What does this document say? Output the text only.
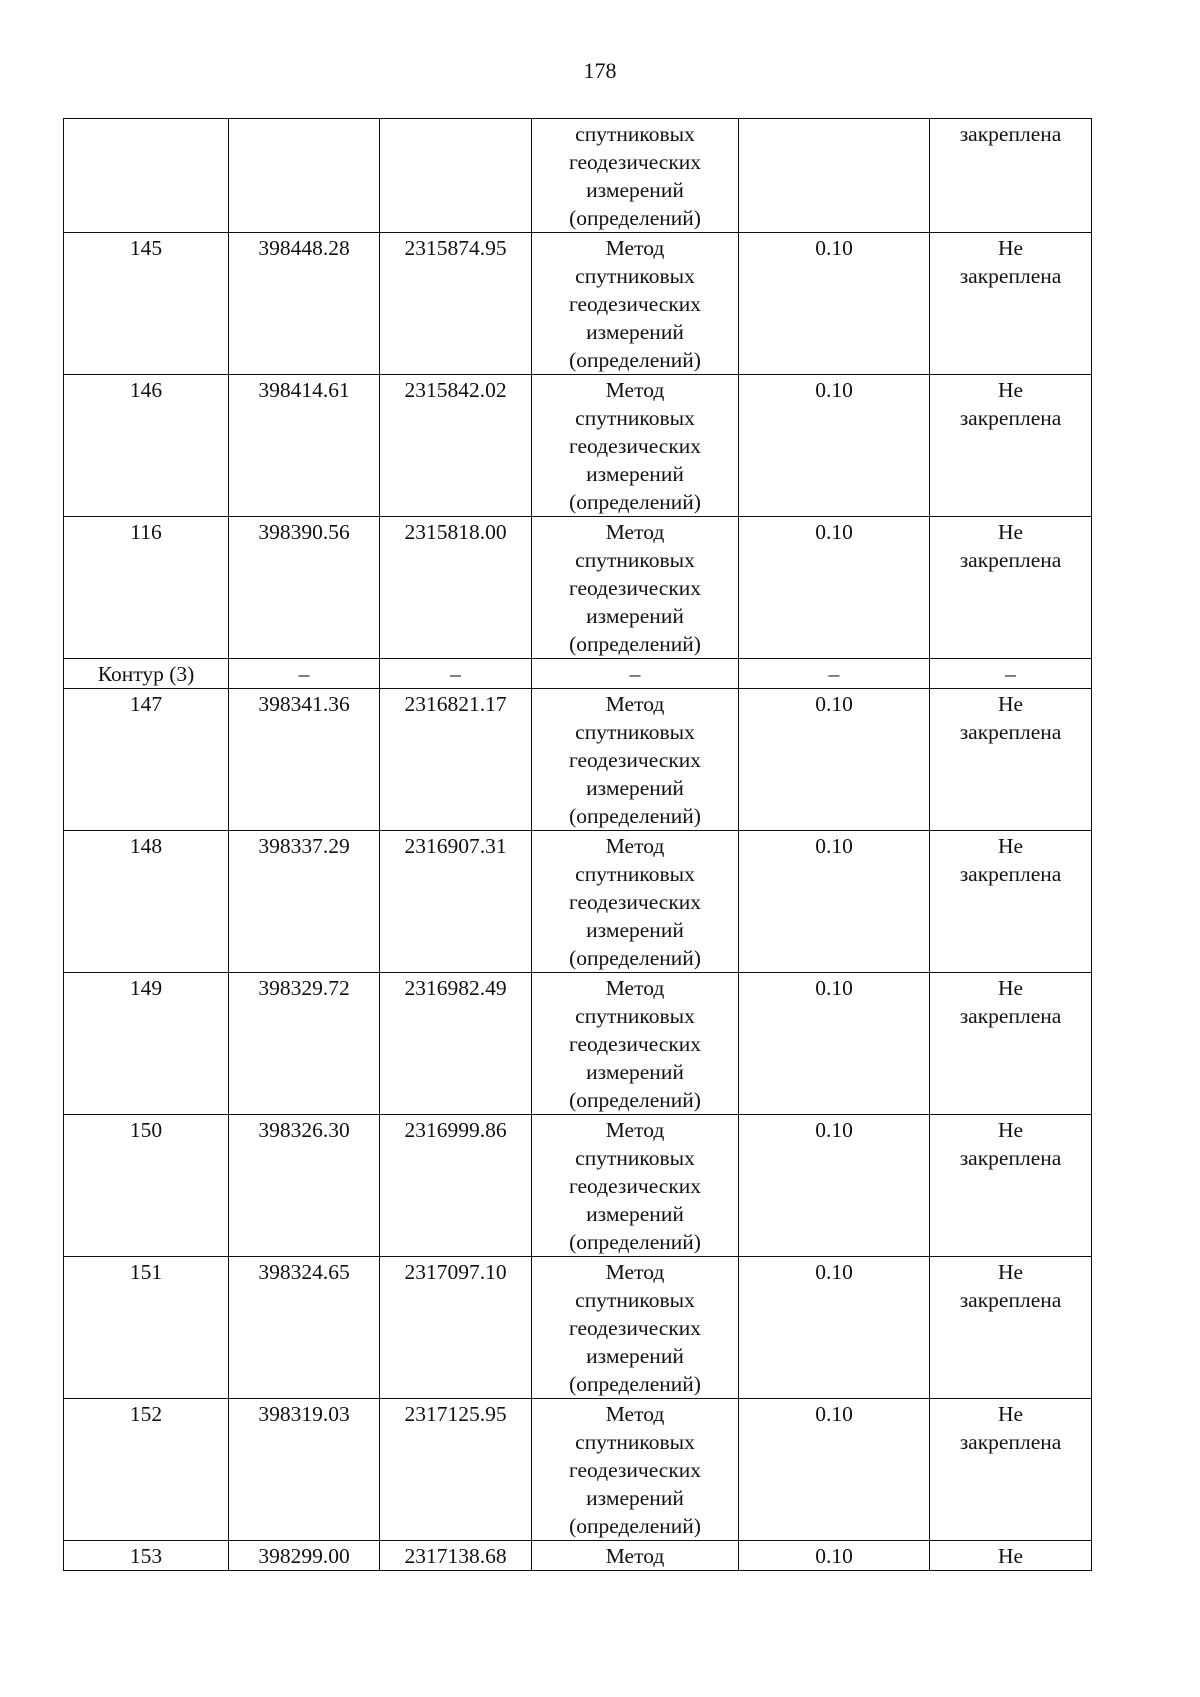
178
			спутниковых
геодезических
измерений
(определений)		закреплена
145	398448.28	2315874.95	Метод
спутниковых
геодезических
измерений
(определений)	0.10	Не
закреплена
146	398414.61	2315842.02	Метод
спутниковых
геодезических
измерений
(определений)	0.10	Не
закреплена
116	398390.56	2315818.00	Метод
спутниковых
геодезических
измерений
(определений)	0.10	Не
закреплена
Контур (3)	–	–	–	–	–
147	398341.36	2316821.17	Метод
спутниковых
геодезических
измерений
(определений)	0.10	Не
закреплена
148	398337.29	2316907.31	Метод
спутниковых
геодезических
измерений
(определений)	0.10	Не
закреплена
149	398329.72	2316982.49	Метод
спутниковых
геодезических
измерений
(определений)	0.10	Не
закреплена
150	398326.30	2316999.86	Метод
спутниковых
геодезических
измерений
(определений)	0.10	Не
закреплена
151	398324.65	2317097.10	Метод
спутниковых
геодезических
измерений
(определений)	0.10	Не
закреплена
152	398319.03	2317125.95	Метод
спутниковых
геодезических
измерений
(определений)	0.10	Не
закреплена
153	398299.00	2317138.68	Метод	0.10	Не
